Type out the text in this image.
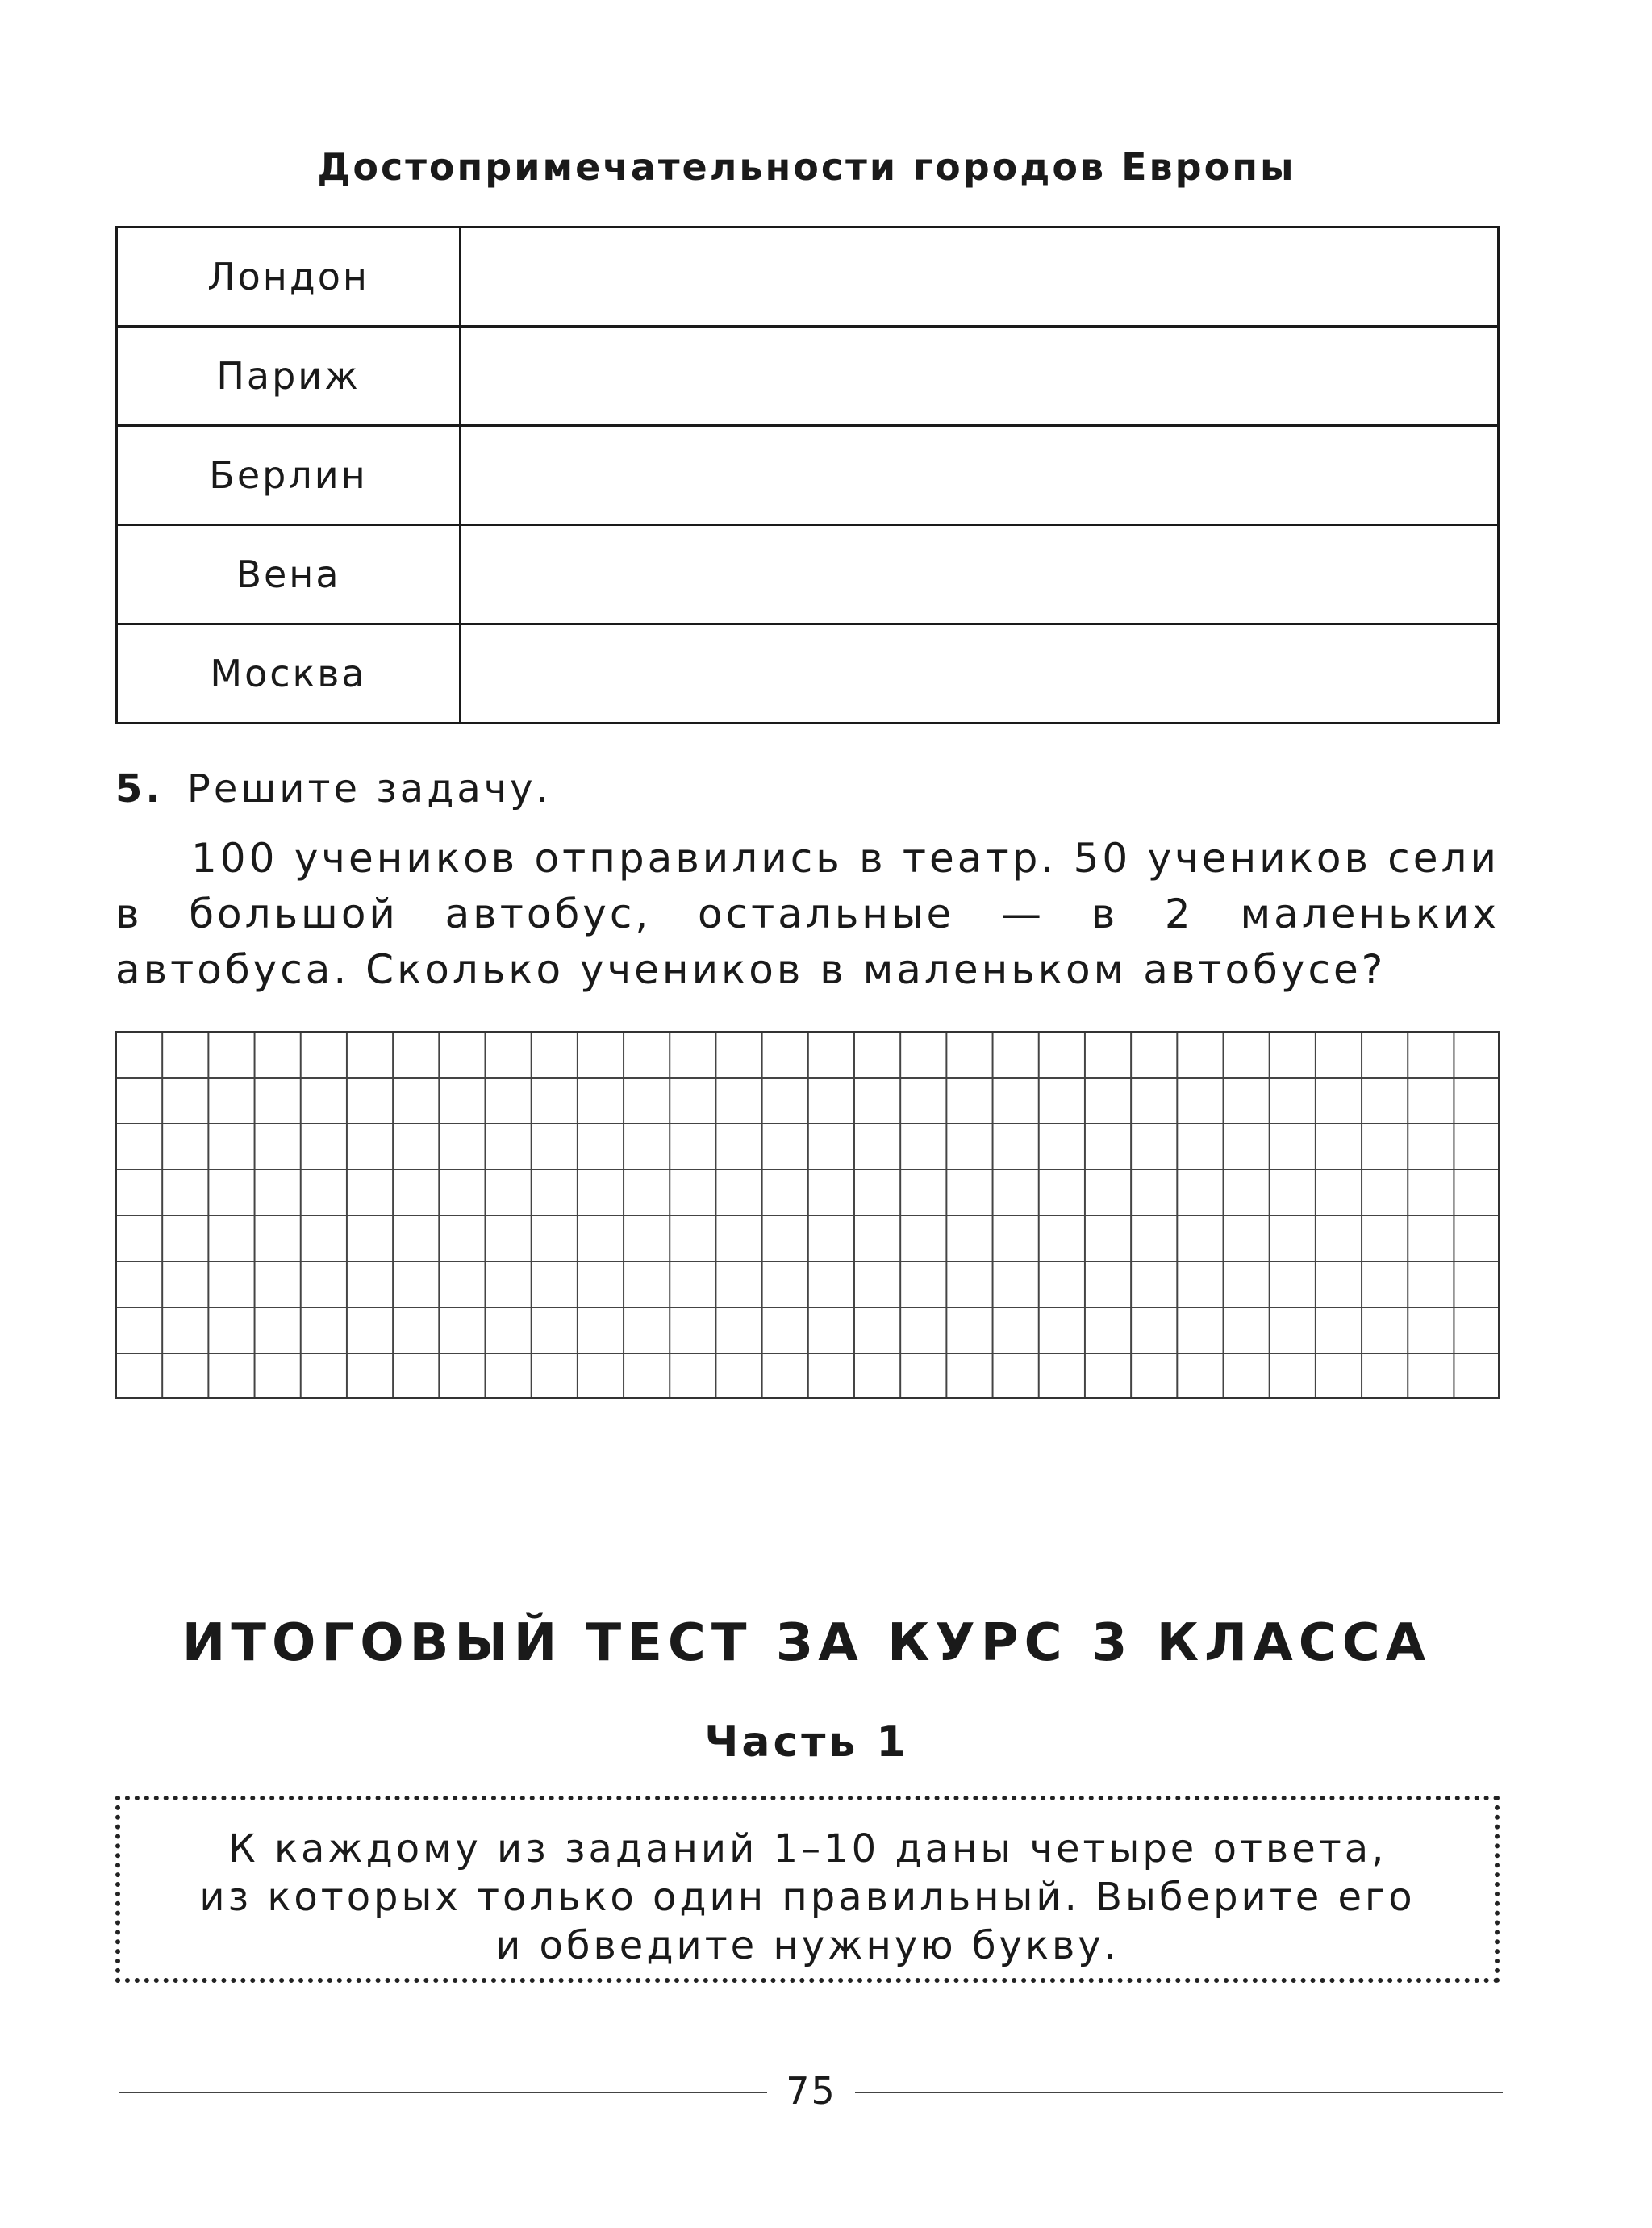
Достопримечательности городов Европы
Лондон	
Париж	
Берлин	
Вена	
Москва	
5. Решите задачу.

100 учеников отправились в театр. 50 учеников сели в большой автобус, остальные — в 2 маленьких автобуса. Сколько учеников в маленьком автобусе?

ИТОГОВЫЙ ТЕСТ ЗА КУРС 3 КЛАССА
Часть 1

К каждому из заданий 1–10 даны четыре ответа,
из которых только один правильный. Выберите его
и обведите нужную букву.

75
